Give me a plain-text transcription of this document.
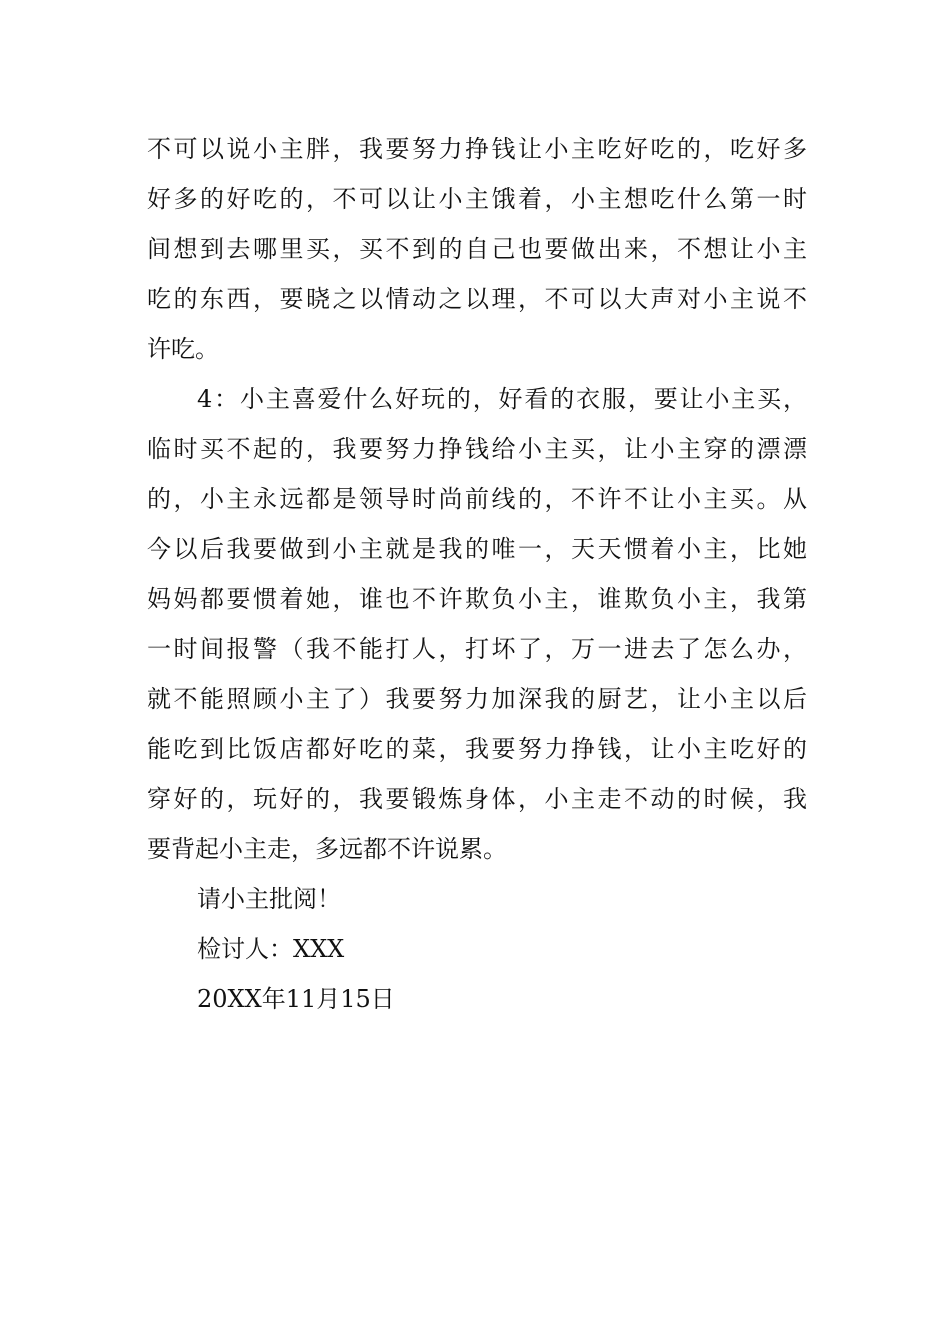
不可以说小主胖，我要努力挣钱让小主吃好吃的，吃好多
好多的好吃的，不可以让小主饿着，小主想吃什么第一时
间想到去哪里买，买不到的自己也要做出来，不想让小主
吃的东西，要晓之以情动之以理，不可以大声对小主说不
许吃。
4：小主喜爱什么好玩的，好看的衣服，要让小主买，
临时买不起的，我要努力挣钱给小主买，让小主穿的漂漂
的，小主永远都是领导时尚前线的，不许不让小主买。从
今以后我要做到小主就是我的唯一，天天惯着小主，比她
妈妈都要惯着她，谁也不许欺负小主，谁欺负小主，我第
一时间报警（我不能打人，打坏了，万一进去了怎么办，
就不能照顾小主了）我要努力加深我的厨艺，让小主以后
能吃到比饭店都好吃的菜，我要努力挣钱，让小主吃好的
穿好的，玩好的，我要锻炼身体，小主走不动的时候，我
要背起小主走，多远都不许说累。
请小主批阅！
检讨人：XXX
20XX年11月15日
